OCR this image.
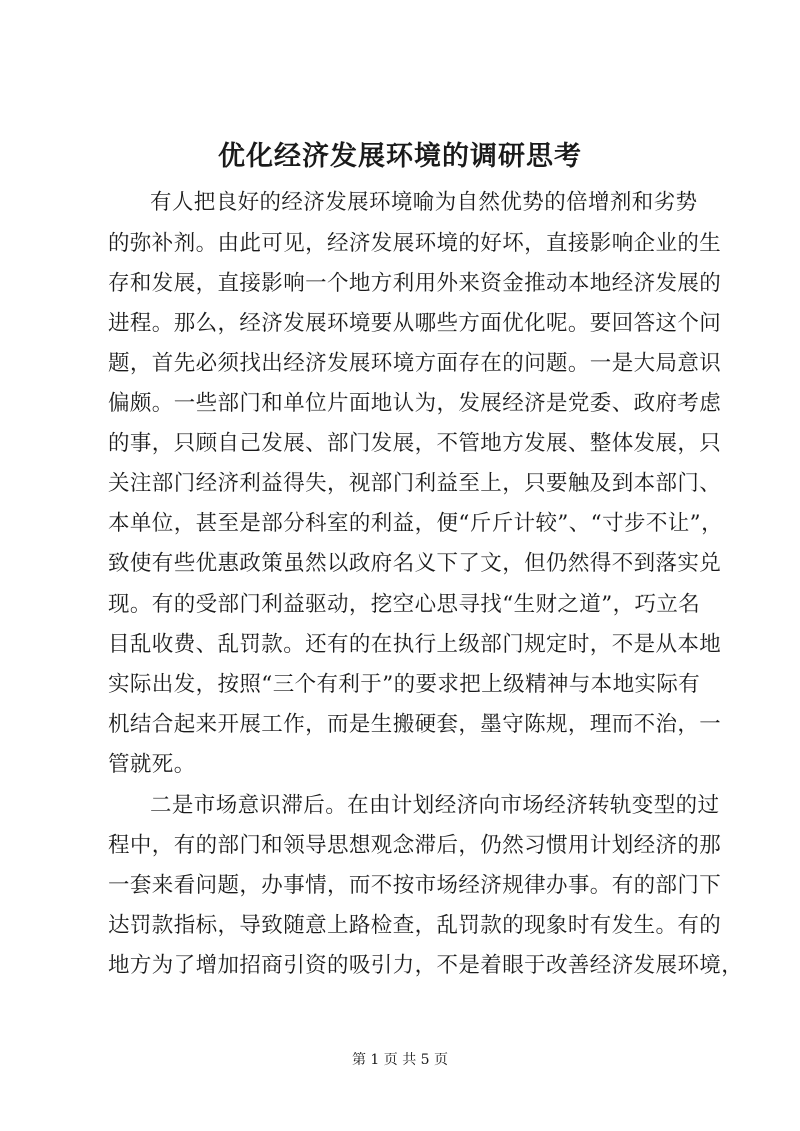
优化经济发展环境的调研思考
有人把良好的经济发展环境喻为自然优势的倍增剂和劣势
的弥补剂。由此可见，经济发展环境的好坏，直接影响企业的生
存和发展，直接影响一个地方利用外来资金推动本地经济发展的
进程。那么，经济发展环境要从哪些方面优化呢。要回答这个问
题，首先必须找出经济发展环境方面存在的问题。一是大局意识
偏颇。一些部门和单位片面地认为，发展经济是党委、政府考虑
的事，只顾自己发展、部门发展，不管地方发展、整体发展，只
关注部门经济利益得失，视部门利益至上，只要触及到本部门、
本单位，甚至是部分科室的利益，便“斤斤计较”、“寸步不让”，
致使有些优惠政策虽然以政府名义下了文，但仍然得不到落实兑
现。有的受部门利益驱动，挖空心思寻找“生财之道”，巧立名
目乱收费、乱罚款。还有的在执行上级部门规定时，不是从本地
实际出发，按照“三个有利于”的要求把上级精神与本地实际有
机结合起来开展工作，而是生搬硬套，墨守陈规，理而不治，一
管就死。
二是市场意识滞后。在由计划经济向市场经济转轨变型的过
程中，有的部门和领导思想观念滞后，仍然习惯用计划经济的那
一套来看问题，办事情，而不按市场经济规律办事。有的部门下
达罚款指标，导致随意上路检查，乱罚款的现象时有发生。有的
地方为了增加招商引资的吸引力，不是着眼于改善经济发展环境，
第 1 页 共 5 页
